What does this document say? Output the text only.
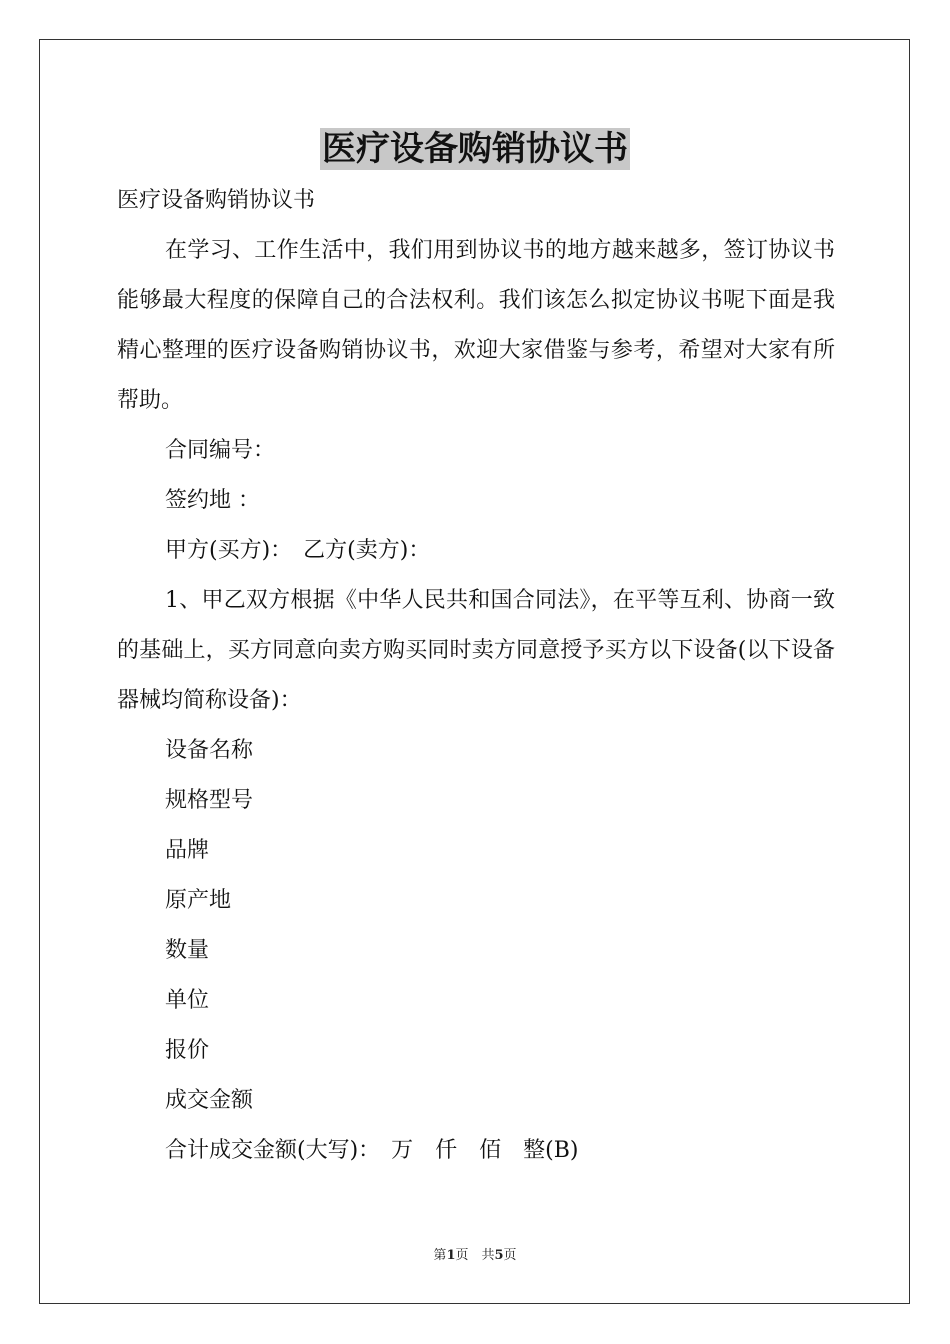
医疗设备购销协议书

医疗设备购销协议书

在学习、工作生活中，我们用到协议书的地方越来越多，签订协议书能够最大程度的保障自己的合法权利。我们该怎么拟定协议书呢下面是我精心整理的医疗设备购销协议书，欢迎大家借鉴与参考，希望对大家有所帮助。

合同编号：

签约地 ：

甲方(买方)：　乙方(卖方)：

1、甲乙双方根据《中华人民共和国合同法》，在平等互利、协商一致的基础上，买方同意向卖方购买同时卖方同意授予买方以下设备(以下设备器械均简称设备)：

设备名称

规格型号

品牌

原产地

数量

单位

报价

成交金额

合计成交金额(大写)：　万　仟　佰　整(B)

第1页　共5页
